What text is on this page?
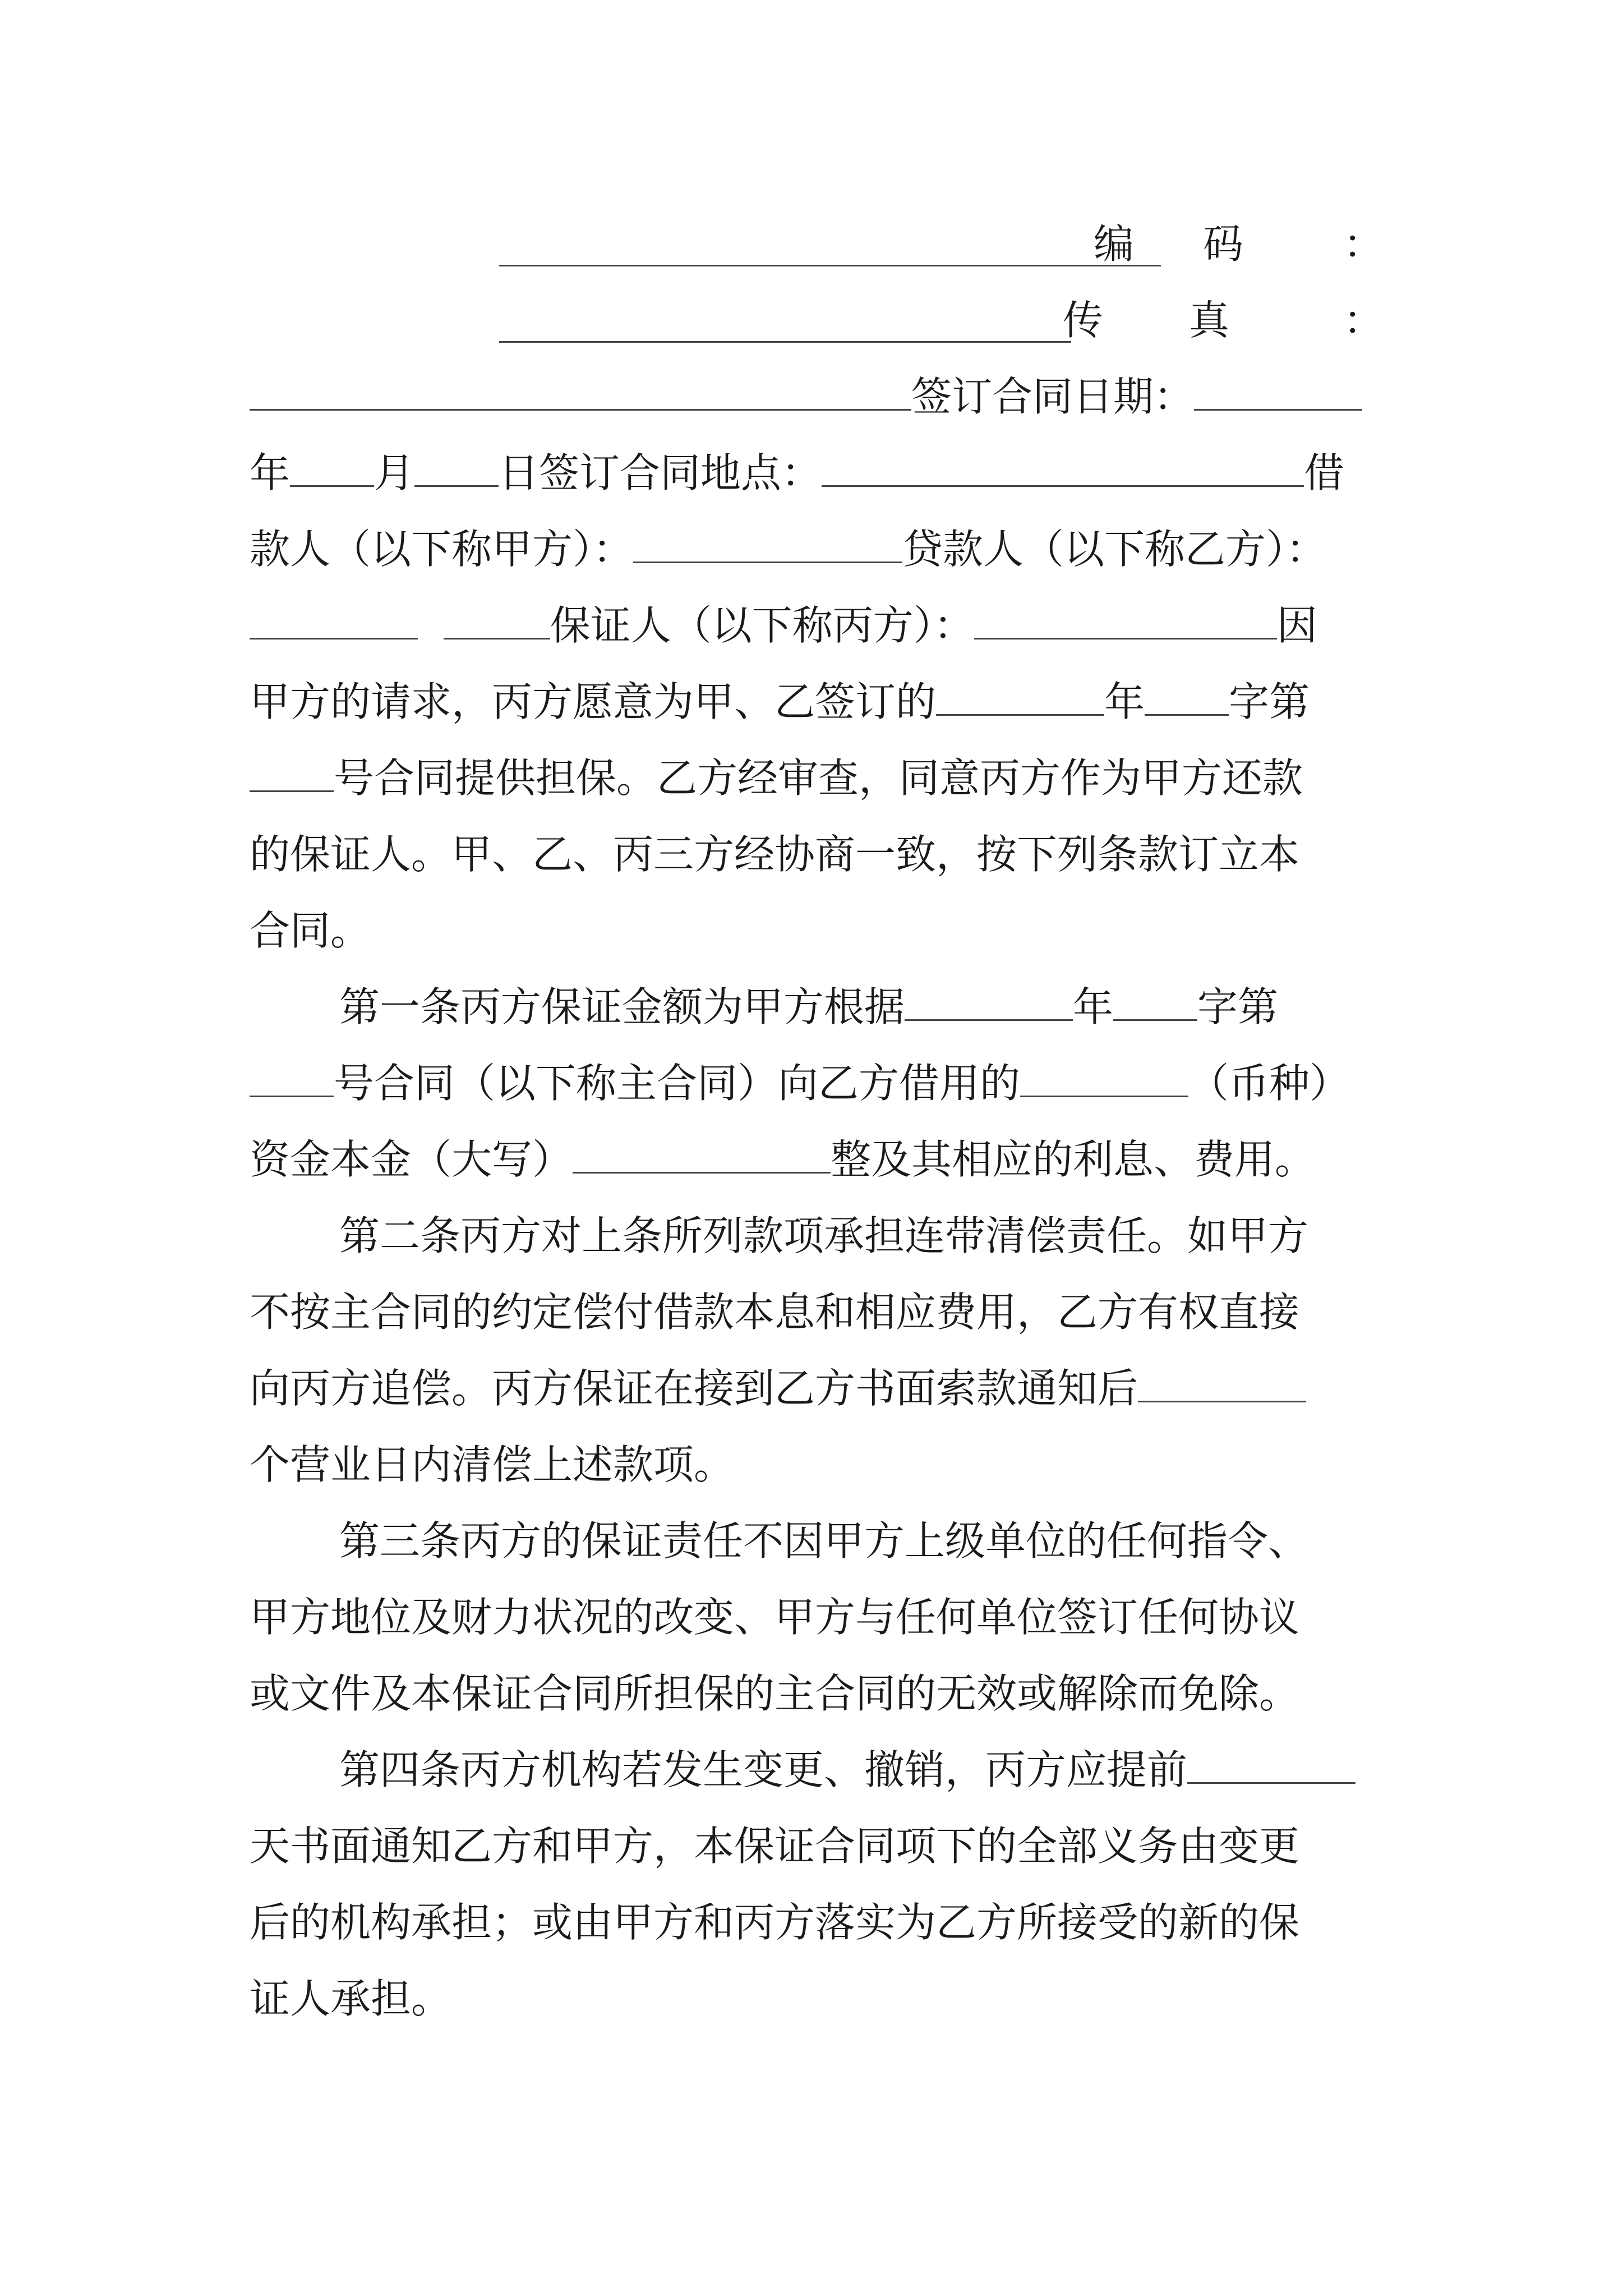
编 码 ：
传 真	：
签订合同日期：
年 月 日签订合同地点：	借
款人（以下称甲方）：	贷款人（以下称乙方）：
保证人（以下称丙方）：	因
甲方的请求，丙方愿意为甲、乙签订的	年 字第
号合同提供担保。乙方经审查，同意丙方作为甲方还款
的保证人。甲、乙、丙三方经协商一致，按下列条款订立本
合同。
第一条丙方保证金额为甲方根据	年 字第
号合同（以下称主合同）向乙方借用的	（币种）
资金本金（大写）	整及其相应的利息、费用。
第二条丙方对上条所列款项承担连带清偿责任。如甲方
不按主合同的约定偿付借款本息和相应费用，乙方有权直接
向丙方追偿。丙方保证在接到乙方书面索款通知后
个营业日内清偿上述款项。
第三条丙方的保证责任不因甲方上级单位的任何指令、
甲方地位及财力状况的改变、甲方与任何单位签订任何协议
或文件及本保证合同所担保的主合同的无效或解除而免除。
第四条丙方机构若发生变更、撤销，丙方应提前
天书面通知乙方和甲方，本保证合同项下的全部义务由变更
后的机构承担；或由甲方和丙方落实为乙方所接受的新的保
证人承担。
